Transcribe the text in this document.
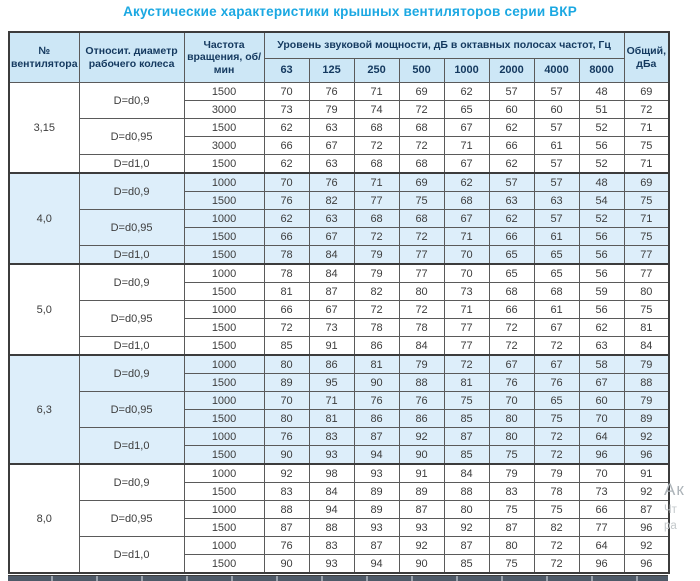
Акустические характеристики крышных вентиляторов серии ВКР
№ вентилятора	Относит. диаметр рабочего колеса	Частота вращения, об/мин	Уровень звуковой мощности, дБ в октавных полосах частот, Гц								Общий, дБа
			63	125	250	500	1000	2000	4000	8000	
3,15	D=d0,9	1500	70	76	71	69	62	57	57	48	69
		3000	73	79	74	72	65	60	60	51	72
	D=d0,95	1500	62	63	68	68	67	62	57	52	71
		3000	66	67	72	72	71	66	61	56	75
	D=d1,0	1500	62	63	68	68	67	62	57	52	71
4,0	D=d0,9	1000	70	76	71	69	62	57	57	48	69
		1500	76	82	77	75	68	63	63	54	75
	D=d0,95	1000	62	63	68	68	67	62	57	52	71
		1500	66	67	72	72	71	66	61	56	75
	D=d1,0	1500	78	84	79	77	70	65	65	56	77
5,0	D=d0,9	1000	78	84	79	77	70	65	65	56	77
		1500	81	87	82	80	73	68	68	59	80
	D=d0,95	1000	66	67	72	72	71	66	61	56	75
		1500	72	73	78	78	77	72	67	62	81
	D=d1,0	1500	85	91	86	84	77	72	72	63	84
6,3	D=d0,9	1000	80	86	81	79	72	67	67	58	79
		1500	89	95	90	88	81	76	76	67	88
	D=d0,95	1000	70	71	76	76	75	70	65	60	79
		1500	80	81	86	86	85	80	75	70	89
	D=d1,0	1000	76	83	87	92	87	80	72	64	92
		1500	90	93	94	90	85	75	72	96	96
8,0	D=d0,9	1000	92	98	93	91	84	79	79	70	91
		1500	83	84	89	89	88	83	78	73	92
	D=d0,95	1000	88	94	89	87	80	75	75	66	87
		1500	87	88	93	93	92	87	82	77	96
	D=d1,0	1000	76	83	87	92	87	80	72	64	92
		1500	90	93	94	90	85	75	72	96	96
Ак
Чт
ра
